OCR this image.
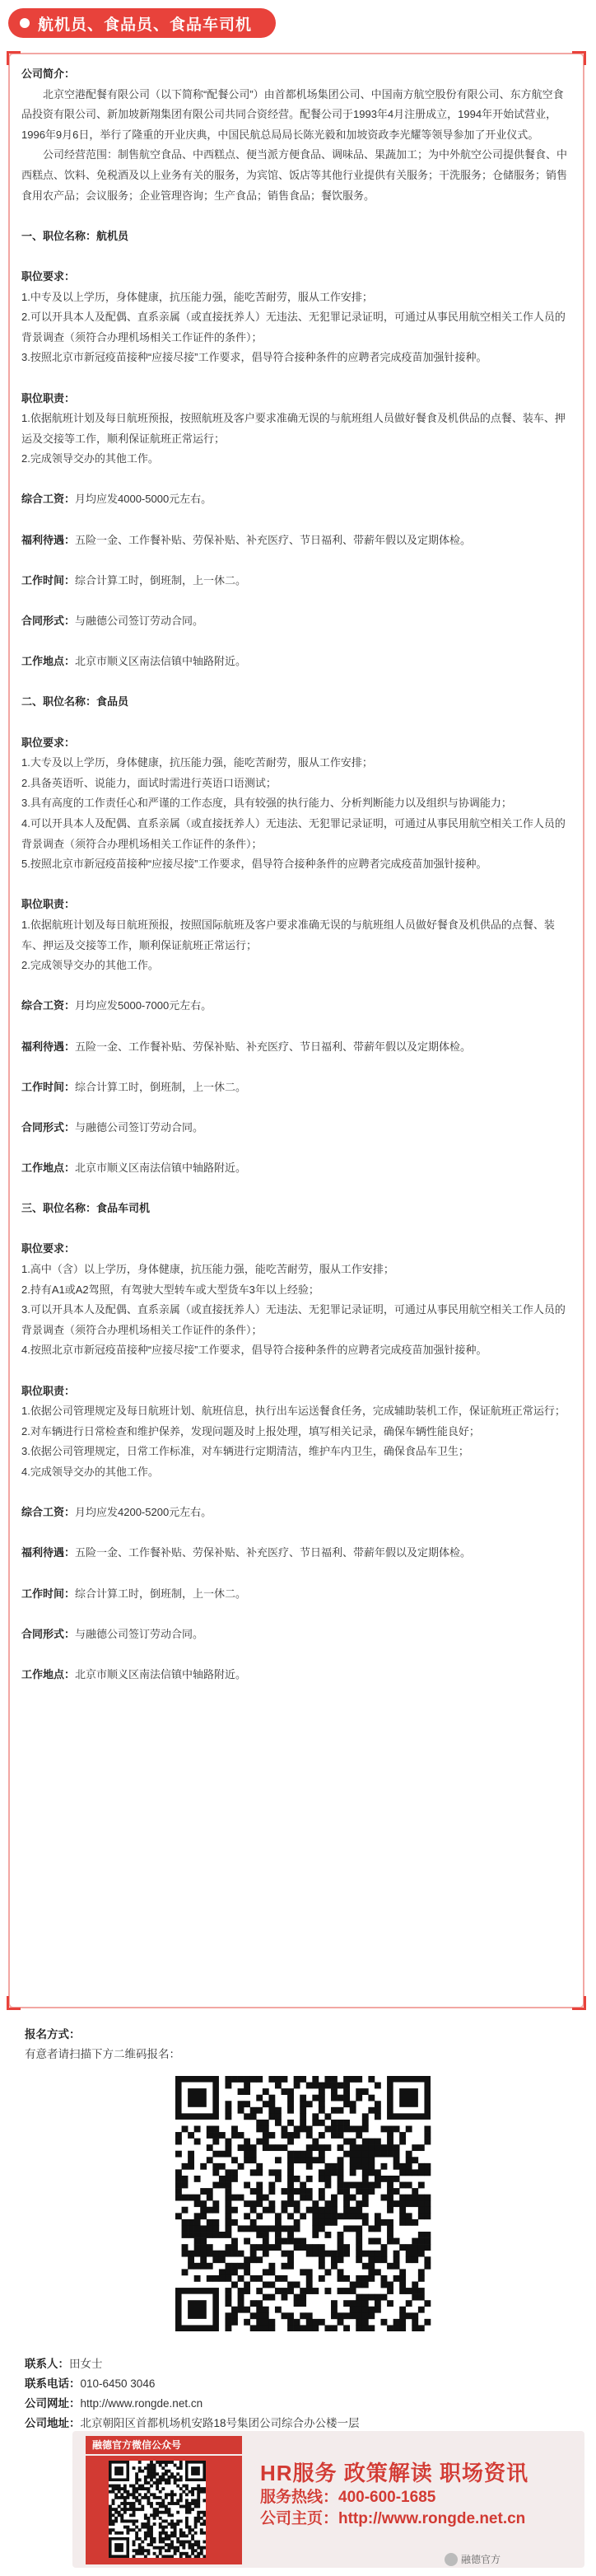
航机员、食品员、食品车司机

公司简介：

北京空港配餐有限公司（以下简称“配餐公司”）由首都机场集团公司、中国南方航空股份有限公司、东方航空食品投资有限公司、新加坡新翔集团有限公司共同合资经营。配餐公司于1993年4月注册成立，1994年开始试营业，1996年9月6日，举行了隆重的开业庆典，中国民航总局局长陈光毅和加坡资政李光耀等领导参加了开业仪式。

公司经营范围：制售航空食品、中西糕点、便当派方便食品、调味品、果蔬加工；为中外航空公司提供餐食、中西糕点、饮料、免税酒及以上业务有关的服务，为宾馆、饭店等其他行业提供有关服务；干洗服务；仓储服务；销售食用农产品；会议服务；企业管理咨询；生产食品；销售食品；餐饮服务。

一、职位名称：航机员

职位要求：

1.中专及以上学历，身体健康，抗压能力强，能吃苦耐劳，服从工作安排；

2.可以开具本人及配偶、直系亲属（或直接抚养人）无违法、无犯罪记录证明，可通过从事民用航空相关工作人员的背景调查（须符合办理机场相关工作证件的条件）；

3.按照北京市新冠疫苗接种“应接尽接”工作要求，倡导符合接种条件的应聘者完成疫苗加强针接种。

职位职责：

1.依据航班计划及每日航班预报，按照航班及客户要求准确无误的与航班组人员做好餐食及机供品的点餐、装车、押运及交接等工作，顺利保证航班正常运行；

2.完成领导交办的其他工作。

综合工资：月均应发4000-5000元左右。

福利待遇：五险一金、工作餐补贴、劳保补贴、补充医疗、节日福利、带薪年假以及定期体检。

工作时间：综合计算工时，倒班制，上一休二。

合同形式：与融德公司签订劳动合同。

工作地点：北京市顺义区南法信镇中轴路附近。

二、职位名称：食品员

职位要求：

1.大专及以上学历，身体健康，抗压能力强，能吃苦耐劳，服从工作安排；

2.具备英语听、说能力，面试时需进行英语口语测试；

3.具有高度的工作责任心和严谨的工作态度，具有较强的执行能力、分析判断能力以及组织与协调能力；

4.可以开具本人及配偶、直系亲属（或直接抚养人）无违法、无犯罪记录证明，可通过从事民用航空相关工作人员的背景调查（须符合办理机场相关工作证件的条件）；

5.按照北京市新冠疫苗接种“应接尽接”工作要求，倡导符合接种条件的应聘者完成疫苗加强针接种。

职位职责：

1.依据航班计划及每日航班预报，按照国际航班及客户要求准确无误的与航班组人员做好餐食及机供品的点餐、装车、押运及交接等工作，顺利保证航班正常运行；

2.完成领导交办的其他工作。

综合工资：月均应发5000-7000元左右。

福利待遇：五险一金、工作餐补贴、劳保补贴、补充医疗、节日福利、带薪年假以及定期体检。

工作时间：综合计算工时，倒班制，上一休二。

合同形式：与融德公司签订劳动合同。

工作地点：北京市顺义区南法信镇中轴路附近。

三、职位名称：食品车司机

职位要求：

1.高中（含）以上学历，身体健康，抗压能力强，能吃苦耐劳，服从工作安排；

2.持有A1或A2驾照，有驾驶大型转车或大型货车3年以上经验；

3.可以开具本人及配偶、直系亲属（或直接抚养人）无违法、无犯罪记录证明，可通过从事民用航空相关工作人员的背景调查（须符合办理机场相关工作证件的条件）；

4.按照北京市新冠疫苗接种“应接尽接”工作要求，倡导符合接种条件的应聘者完成疫苗加强针接种。

职位职责：

1.依据公司管理规定及每日航班计划、航班信息，执行出车运送餐食任务，完成辅助装机工作，保证航班正常运行；

2.对车辆进行日常检查和维护保养，发现问题及时上报处理，填写相关记录，确保车辆性能良好；

3.依据公司管理规定，日常工作标准，对车辆进行定期清洁，维护车内卫生，确保食品车卫生；

4.完成领导交办的其他工作。

综合工资：月均应发4200-5200元左右。

福利待遇：五险一金、工作餐补贴、劳保补贴、补充医疗、节日福利、带薪年假以及定期体检。

工作时间：综合计算工时，倒班制，上一休二。

合同形式：与融德公司签订劳动合同。

工作地点：北京市顺义区南法信镇中轴路附近。

报名方式：

有意者请扫描下方二维码报名：

联系人： 田女士
联系电话： 010-6450 3046
公司网址： http://www.rongde.net.cn
公司地址： 北京朝阳区首都机场机安路18号集团公司综合办公楼一层
融德官方微信公众号
HR服务 政策解读 职场资讯
服务热线：400-600-1685
公司主页：http://www.rongde.net.cn
融德官方
